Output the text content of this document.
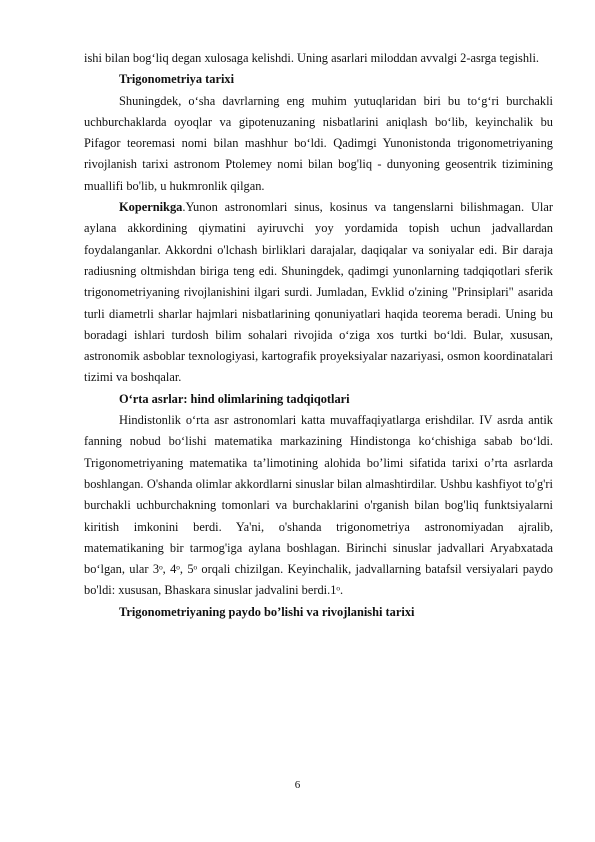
ishi bilan bog‘liq degan xulosaga kelishdi. Uning asarlari miloddan avvalgi 2-asrga tegishli.

Trigonometriya tarixi

Shuningdek, o‘sha davrlarning eng muhim yutuqlaridan biri bu to‘g‘ri burchakli uchburchaklarda oyoqlar va gipotenuzaning nisbatlarini aniqlash bo‘lib, keyinchalik bu Pifagor teoremasi nomi bilan mashhur bo‘ldi. Qadimgi Yunonistonda trigonometriyaning rivojlanish tarixi astronom Ptolemey nomi bilan bog'liq - dunyoning geosentrik tizimining muallifi bo'lib, u hukmronlik qilgan.

Kopernikga.Yunon astronomlari sinus, kosinus va tangenslarni bilishmagan. Ular aylana akkordining qiymatini ayiruvchi yoy yordamida topish uchun jadvallardan foydalanganlar. Akkordni o'lchash birliklari darajalar, daqiqalar va soniyalar edi. Bir daraja radiusning oltmishdan biriga teng edi. Shuningdek, qadimgi yunonlarning tadqiqotlari sferik trigonometriyaning rivojlanishini ilgari surdi. Jumladan, Evklid o'zining "Prinsiplari" asarida turli diametrli sharlar hajmlari nisbatlarining qonuniyatlari haqida teorema beradi. Uning bu boradagi ishlari turdosh bilim sohalari rivojida o‘ziga xos turtki bo‘ldi. Bular, xususan, astronomik asboblar texnologiyasi, kartografik proyeksiyalar nazariyasi, osmon koordinatalari tizimi va boshqalar.

O‘rta asrlar: hind olimlarining tadqiqotlari

Hindistonlik o‘rta asr astronomlari katta muvaffaqiyatlarga erishdilar. IV asrda antik fanning nobud bo‘lishi matematika markazining Hindistonga ko‘chishiga sabab bo‘ldi. Trigonometriyaning matematika ta’limotining alohida bo’limi sifatida tarixi o’rta asrlarda boshlangan. O'shanda olimlar akkordlarni sinuslar bilan almashtirdilar. Ushbu kashfiyot to'g'ri burchakli uchburchakning tomonlari va burchaklarini o'rganish bilan bog'liq funktsiyalarni kiritish imkonini berdi. Ya'ni, o'shanda trigonometriya astronomiyadan ajralib, matematikaning bir tarmog'iga aylana boshlagan. Birinchi sinuslar jadvallari Aryabxatada bo‘lgan, ular 3ᵒ, 4ᵒ, 5ᵒ orqali chizilgan. Keyinchalik, jadvallarning batafsil versiyalari paydo bo'ldi: xususan, Bhaskara sinuslar jadvalini berdi.1ᵒ.

Trigonometriyaning paydo bo’lishi va rivojlanishi tarixi
6
